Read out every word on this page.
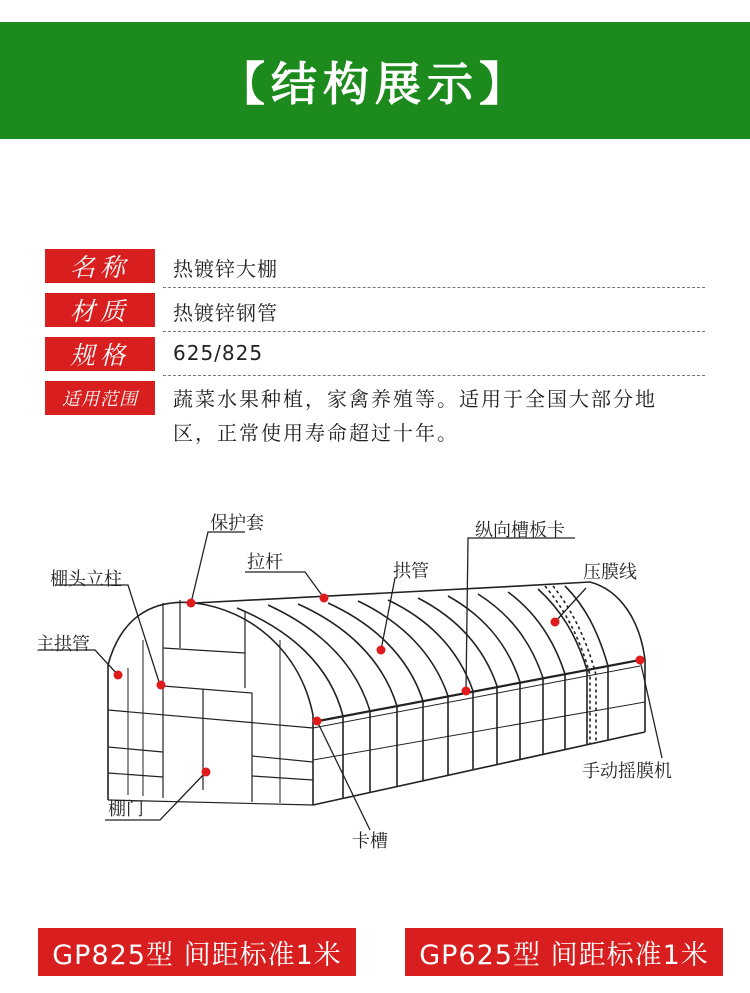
【结构展示】
名称	热镀锌大棚
材质	热镀锌钢管
规格	625/825
适用范围	蔬菜水果种植，家禽养殖等。适用于全国大部分地区，正常使用寿命超过十年。
保护套
拉杆	拱管
纵向槽板卡
压膜线
棚头立柱
主拱管
棚门
卡槽
手动摇膜机
GP825型 间距标准1米	GP625型 间距标准1米
